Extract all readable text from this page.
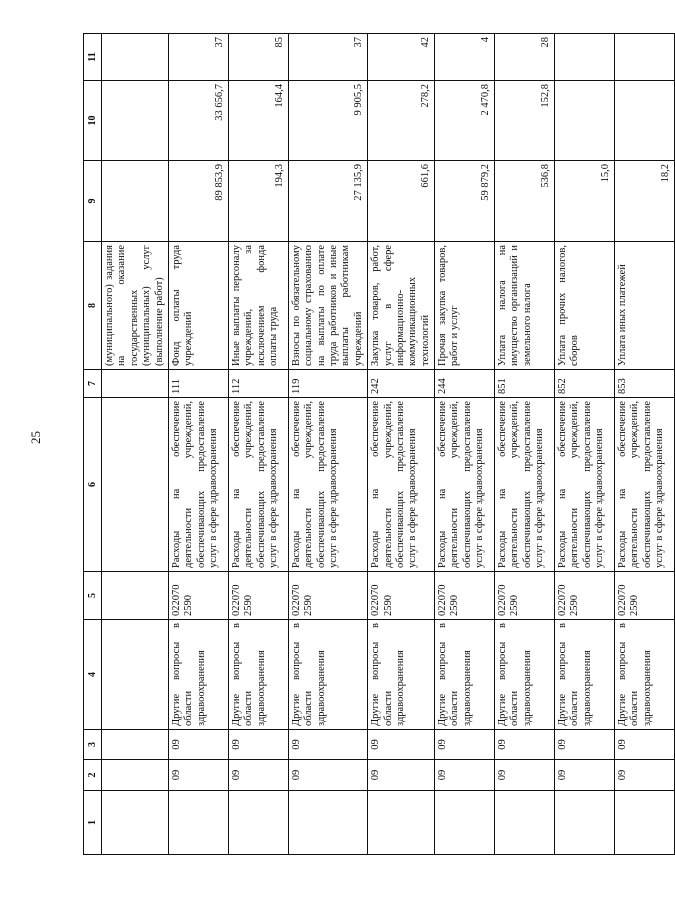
25
1	2	3	4	5	6	7	8	9	10	11
							(муниципального) задания на оказание государственных (муниципальных) услуг (выполнение работ)			
	09	09	Другие вопросы в области здравоохранения	022070 2590	Расходы на обеспечение деятельности учреждений, обеспечивающих предоставление услуг в сфере здравоохранения	111	Фонд оплаты труда учреждений	89 853,9	33 656,7	37
	09	09	Другие вопросы в области здравоохранения	022070 2590	Расходы на обеспечение деятельности учреждений, обеспечивающих предоставление услуг в сфере здравоохранения	112	Иные выплаты персоналу учреждений, за исключением фонда оплаты труда	194,3	164,4	85
	09	09	Другие вопросы в области здравоохранения	022070 2590	Расходы на обеспечение деятельности учреждений, обеспечивающих предоставление услуг в сфере здравоохранения	119	Взносы по обязательному социальному страхованию на выплаты по оплате труда работников и иные выплаты работникам учреждений	27 135,9	9 905,5	37
	09	09	Другие вопросы в области здравоохранения	022070 2590	Расходы на обеспечение деятельности учреждений, обеспечивающих предоставление услуг в сфере здравоохранения	242	Закупка товаров, работ, услуг в сфере информационно-коммуникационных технологий	661,6	278,2	42
	09	09	Другие вопросы в области здравоохранения	022070 2590	Расходы на обеспечение деятельности учреждений, обеспечивающих предоставление услуг в сфере здравоохранения	244	Прочая закупка товаров, работ и услуг	59 879,2	2 470,8	4
	09	09	Другие вопросы в области здравоохранения	022070 2590	Расходы на обеспечение деятельности учреждений, обеспечивающих предоставление услуг в сфере здравоохранения	851	Уплата налога на имущество организаций и земельного налога	536,8	152,8	28
	09	09	Другие вопросы в области здравоохранения	022070 2590	Расходы на обеспечение деятельности учреждений, обеспечивающих предоставление услуг в сфере здравоохранения	852	Уплата прочих налогов, сборов	15,0		
	09	09	Другие вопросы в области здравоохранения	022070 2590	Расходы на обеспечение деятельности учреждений, обеспечивающих предоставление услуг в сфере здравоохранения	853	Уплата иных платежей	18,2		
